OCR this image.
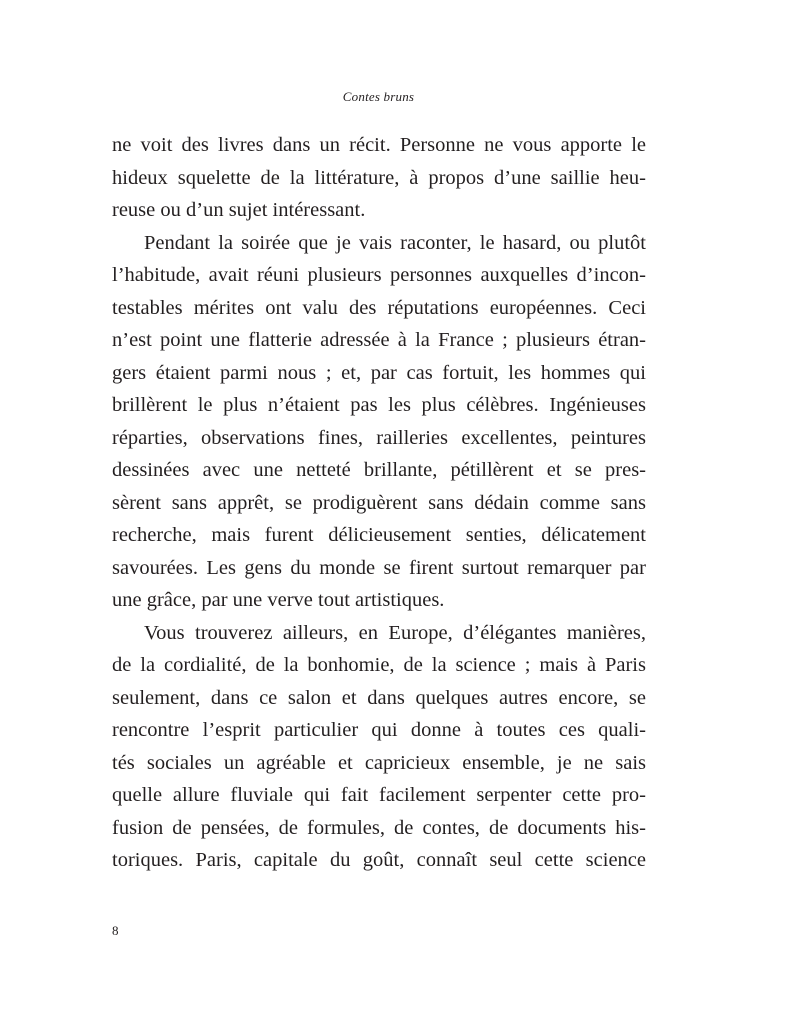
Contes bruns
ne voit des livres dans un récit. Personne ne vous apporte le
hideux squelette de la littérature, à propos d’une saillie heu-
reuse ou d’un sujet intéressant.
Pendant la soirée que je vais raconter, le hasard, ou plutôt
l’habitude, avait réuni plusieurs personnes auxquelles d’incon-
testables mérites ont valu des réputations européennes. Ceci
n’est point une flatterie adressée à la France ; plusieurs étran-
gers étaient parmi nous ; et, par cas fortuit, les hommes qui
brillèrent le plus n’étaient pas les plus célèbres. Ingénieuses
réparties, observations fines, railleries excellentes, peintures
dessinées avec une netteté brillante, pétillèrent et se pres-
sèrent sans apprêt, se prodiguèrent sans dédain comme sans
recherche, mais furent délicieusement senties, délicatement
savourées. Les gens du monde se firent surtout remarquer par
une grâce, par une verve tout artistiques.
Vous trouverez ailleurs, en Europe, d’élégantes manières,
de la cordialité, de la bonhomie, de la science ; mais à Paris
seulement, dans ce salon et dans quelques autres encore, se
rencontre l’esprit particulier qui donne à toutes ces quali-
tés sociales un agréable et capricieux ensemble, je ne sais
quelle allure fluviale qui fait facilement serpenter cette pro-
fusion de pensées, de formules, de contes, de documents his-
toriques. Paris, capitale du goût, connaît seul cette science
8
